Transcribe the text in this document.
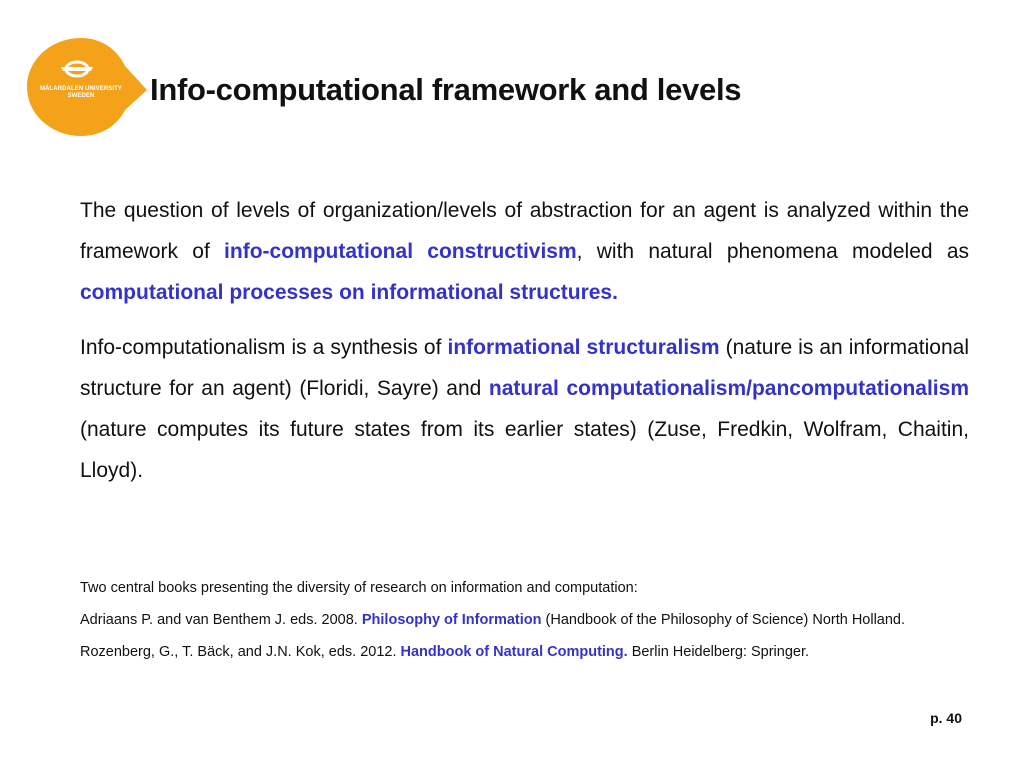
MÄLARDALEN UNIVERSITY
SWEDEN	Info-computational framework and levels

The question of levels of organization/levels of abstraction for an agent is analyzed within the framework of info-computational constructivism, with natural phenomena modeled as computational processes on informational structures.

Info-computationalism is a synthesis of informational structuralism (nature is an informational structure for an agent) (Floridi, Sayre) and natural computationalism/pancomputationalism (nature computes its future states from its earlier states) (Zuse, Fredkin, Wolfram, Chaitin, Lloyd).

Two central books presenting the diversity of research on information and computation:

Adriaans P. and van Benthem J. eds. 2008. Philosophy of Information (Handbook of the Philosophy of Science) North Holland.

Rozenberg, G., T. Bäck, and J.N. Kok, eds. 2012. Handbook of Natural Computing. Berlin Heidelberg: Springer.

p. 40
